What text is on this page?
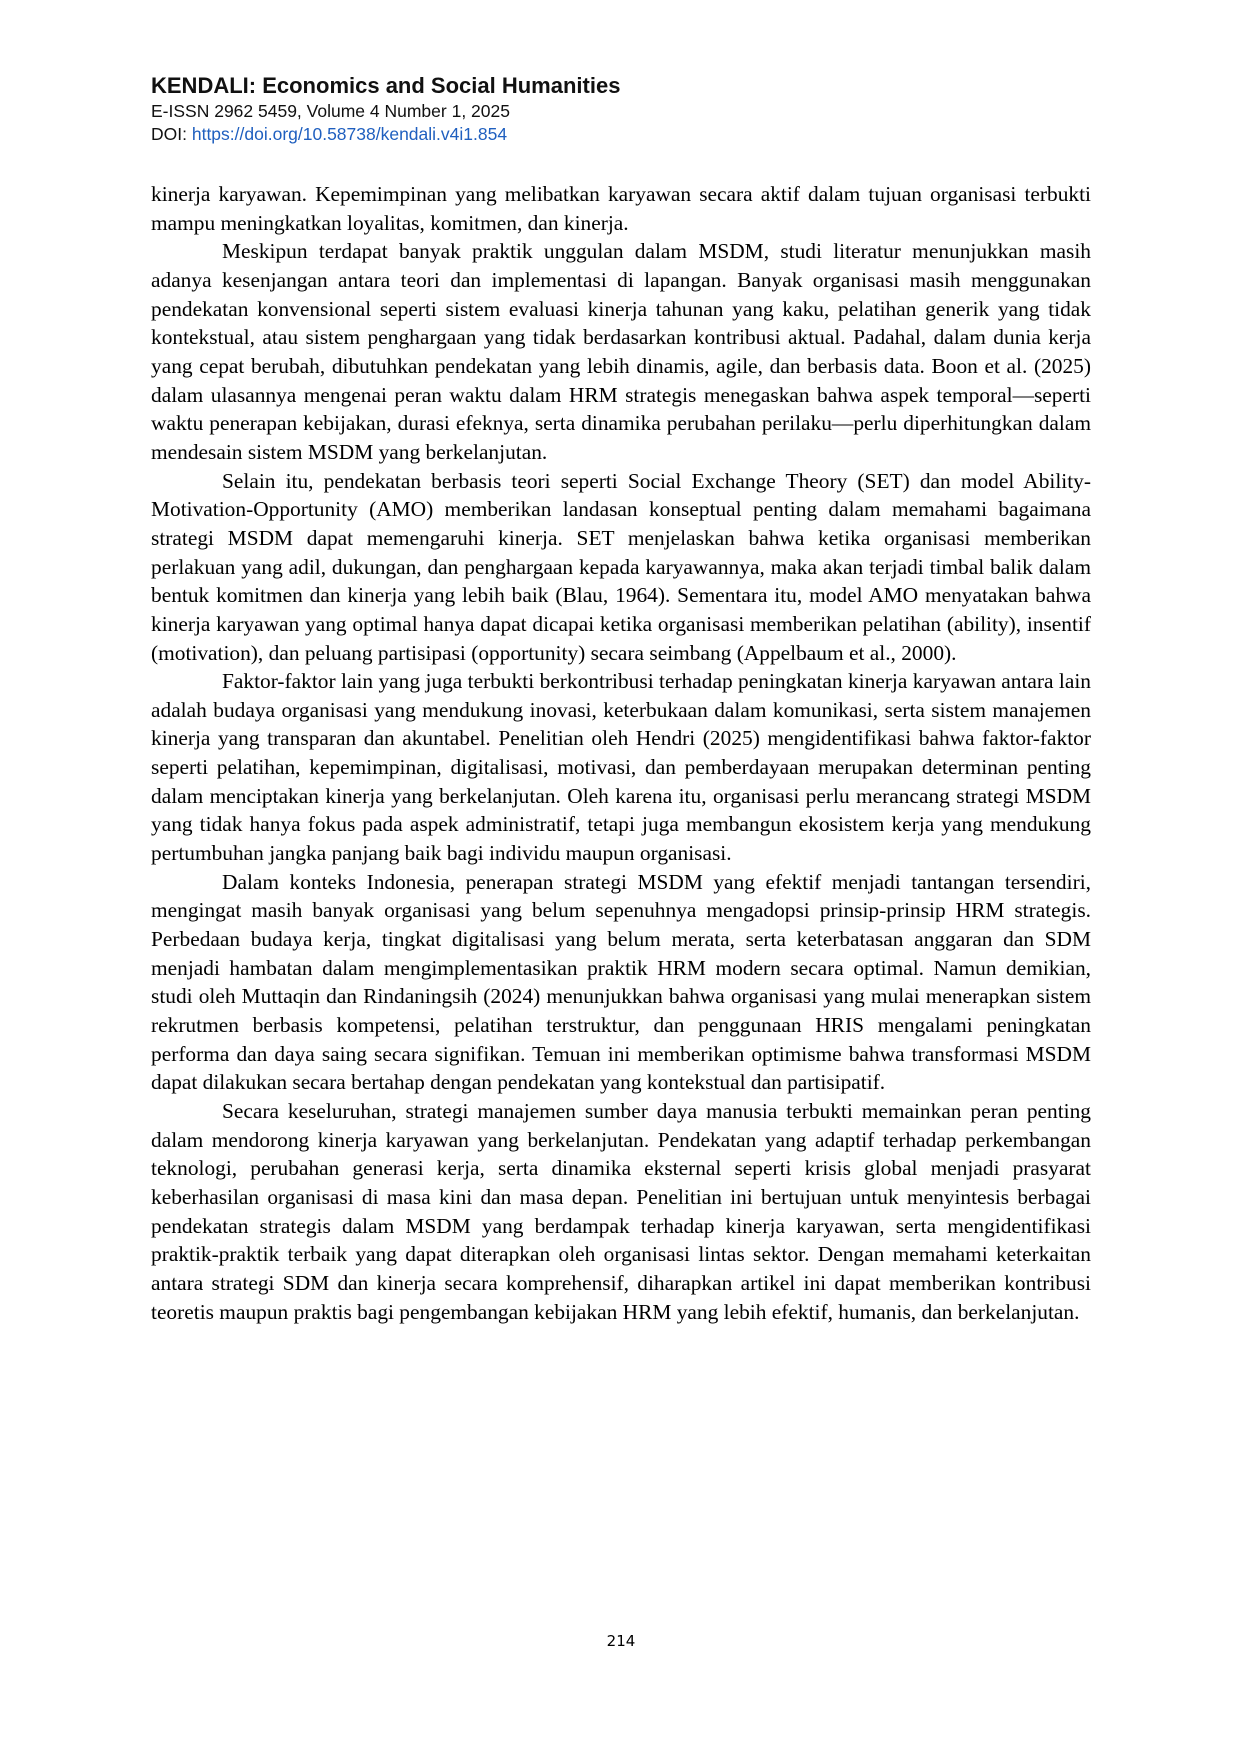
KENDALI: Economics and Social Humanities

E-ISSN 2962 5459, Volume 4 Number 1, 2025

DOI: https://doi.org/10.58738/kendali.v4i1.854

kinerja karyawan. Kepemimpinan yang melibatkan karyawan secara aktif dalam tujuan organisasi terbukti mampu meningkatkan loyalitas, komitmen, dan kinerja.

Meskipun terdapat banyak praktik unggulan dalam MSDM, studi literatur menunjukkan masih adanya kesenjangan antara teori dan implementasi di lapangan. Banyak organisasi masih menggunakan pendekatan konvensional seperti sistem evaluasi kinerja tahunan yang kaku, pelatihan generik yang tidak kontekstual, atau sistem penghargaan yang tidak berdasarkan kontribusi aktual. Padahal, dalam dunia kerja yang cepat berubah, dibutuhkan pendekatan yang lebih dinamis, agile, dan berbasis data. Boon et al. (2025) dalam ulasannya mengenai peran waktu dalam HRM strategis menegaskan bahwa aspek temporal—seperti waktu penerapan kebijakan, durasi efeknya, serta dinamika perubahan perilaku—perlu diperhitungkan dalam mendesain sistem MSDM yang berkelanjutan.

Selain itu, pendekatan berbasis teori seperti Social Exchange Theory (SET) dan model Ability-Motivation-Opportunity (AMO) memberikan landasan konseptual penting dalam memahami bagaimana strategi MSDM dapat memengaruhi kinerja. SET menjelaskan bahwa ketika organisasi memberikan perlakuan yang adil, dukungan, dan penghargaan kepada karyawannya, maka akan terjadi timbal balik dalam bentuk komitmen dan kinerja yang lebih baik (Blau, 1964). Sementara itu, model AMO menyatakan bahwa kinerja karyawan yang optimal hanya dapat dicapai ketika organisasi memberikan pelatihan (ability), insentif (motivation), dan peluang partisipasi (opportunity) secara seimbang (Appelbaum et al., 2000).

Faktor-faktor lain yang juga terbukti berkontribusi terhadap peningkatan kinerja karyawan antara lain adalah budaya organisasi yang mendukung inovasi, keterbukaan dalam komunikasi, serta sistem manajemen kinerja yang transparan dan akuntabel. Penelitian oleh Hendri (2025) mengidentifikasi bahwa faktor-faktor seperti pelatihan, kepemimpinan, digitalisasi, motivasi, dan pemberdayaan merupakan determinan penting dalam menciptakan kinerja yang berkelanjutan. Oleh karena itu, organisasi perlu merancang strategi MSDM yang tidak hanya fokus pada aspek administratif, tetapi juga membangun ekosistem kerja yang mendukung pertumbuhan jangka panjang baik bagi individu maupun organisasi.

Dalam konteks Indonesia, penerapan strategi MSDM yang efektif menjadi tantangan tersendiri, mengingat masih banyak organisasi yang belum sepenuhnya mengadopsi prinsip-prinsip HRM strategis. Perbedaan budaya kerja, tingkat digitalisasi yang belum merata, serta keterbatasan anggaran dan SDM menjadi hambatan dalam mengimplementasikan praktik HRM modern secara optimal. Namun demikian, studi oleh Muttaqin dan Rindaningsih (2024) menunjukkan bahwa organisasi yang mulai menerapkan sistem rekrutmen berbasis kompetensi, pelatihan terstruktur, dan penggunaan HRIS mengalami peningkatan performa dan daya saing secara signifikan. Temuan ini memberikan optimisme bahwa transformasi MSDM dapat dilakukan secara bertahap dengan pendekatan yang kontekstual dan partisipatif.

Secara keseluruhan, strategi manajemen sumber daya manusia terbukti memainkan peran penting dalam mendorong kinerja karyawan yang berkelanjutan. Pendekatan yang adaptif terhadap perkembangan teknologi, perubahan generasi kerja, serta dinamika eksternal seperti krisis global menjadi prasyarat keberhasilan organisasi di masa kini dan masa depan. Penelitian ini bertujuan untuk menyintesis berbagai pendekatan strategis dalam MSDM yang berdampak terhadap kinerja karyawan, serta mengidentifikasi praktik-praktik terbaik yang dapat diterapkan oleh organisasi lintas sektor. Dengan memahami keterkaitan antara strategi SDM dan kinerja secara komprehensif, diharapkan artikel ini dapat memberikan kontribusi teoretis maupun praktis bagi pengembangan kebijakan HRM yang lebih efektif, humanis, dan berkelanjutan.

214
